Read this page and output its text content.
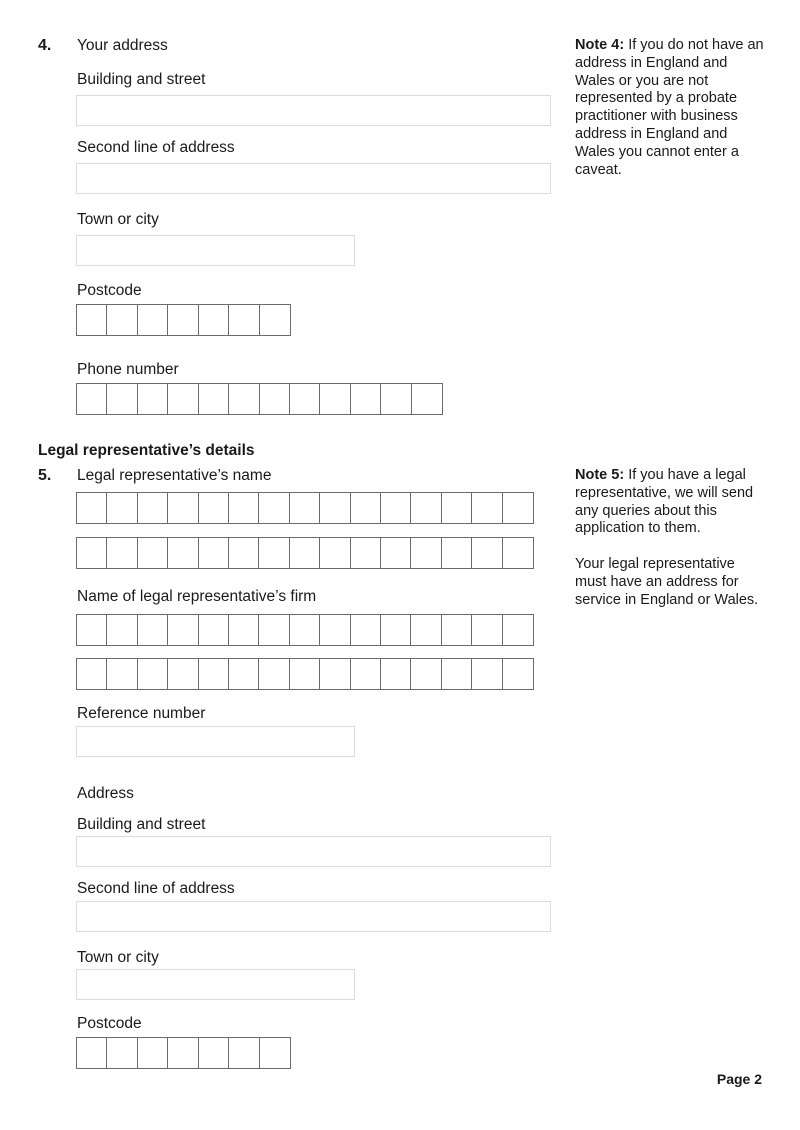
4. Your address
Building and street
Second line of address
Town or city
Postcode
Phone number
Note 4: If you do not have an address in England and Wales or you are not represented by a probate practitioner with business address in England and Wales you cannot enter a caveat.
Legal representative’s details
5. Legal representative’s name
Name of legal representative’s firm
Reference number
Address
Building and street
Second line of address
Town or city
Postcode
Note 5: If you have a legal representative, we will send any queries about this application to them.
Your legal representative must have an address for service in England or Wales.
Page 2
